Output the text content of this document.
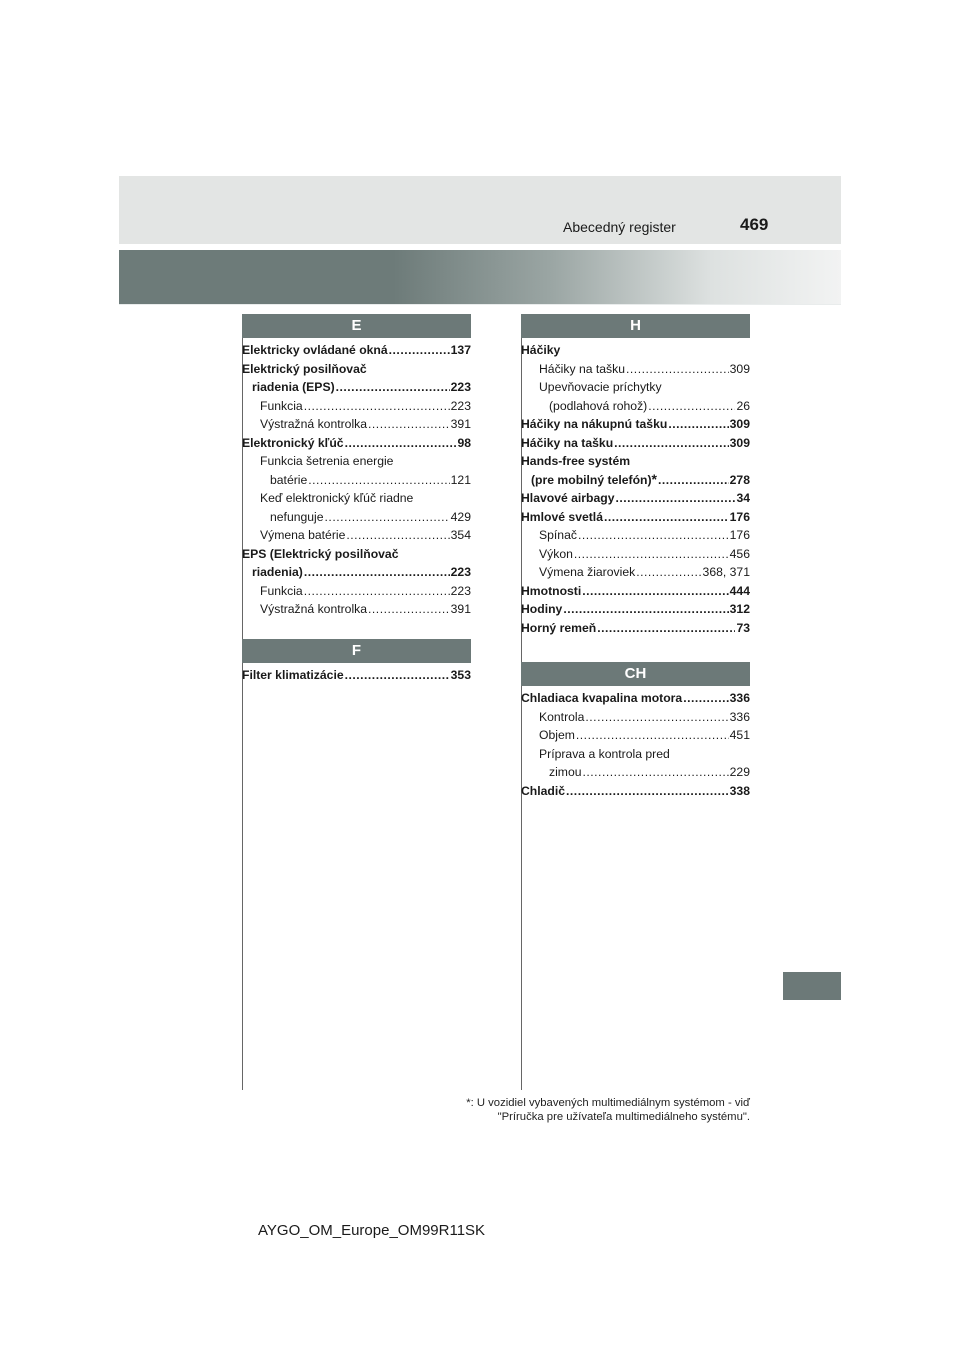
Abecedný register	469
E
Elektricky ovládané okná .....	137
Elektrický posilňovač
riadenia (EPS) .....	223
Funkcia .....	223
Výstražná kontrolka .....	391
Elektronický kľúč .....	98
Funkcia šetrenia energie
batérie .....	121
Keď elektronický kľúč riadne
nefunguje .....	429
Výmena batérie .....	354
EPS (Elektrický posilňovač
riadenia) .....	223
Funkcia .....	223
Výstražná kontrolka .....	391
F
Filter klimatizácie .....	353
H
Háčiky
Háčiky na tašku .....	309
Upevňovacie príchytky
(podlahová rohož) .....	26
Háčiky na nákupnú tašku .....	309
Háčiky na tašku .....	309
Hands-free systém
(pre mobilný telefón) * .....	278
Hlavové airbagy .....	34
Hmlové svetlá .....	176
Spínač .....	176
Výkon .....	456
Výmena žiaroviek .....	368, 371
Hmotnosti .....	444
Hodiny .....	312
Horný remeň .....	73
CH
Chladiaca kvapalina motora .....	336
Kontrola .....	336
Objem .....	451
Príprava a kontrola pred
zimou .....	229
Chladič .....	338
*: U vozidiel vybavených multimediálnym systémom - viď
"Príručka pre užívateľa multimediálneho systému".
AYGO_OM_Europe_OM99R11SK
